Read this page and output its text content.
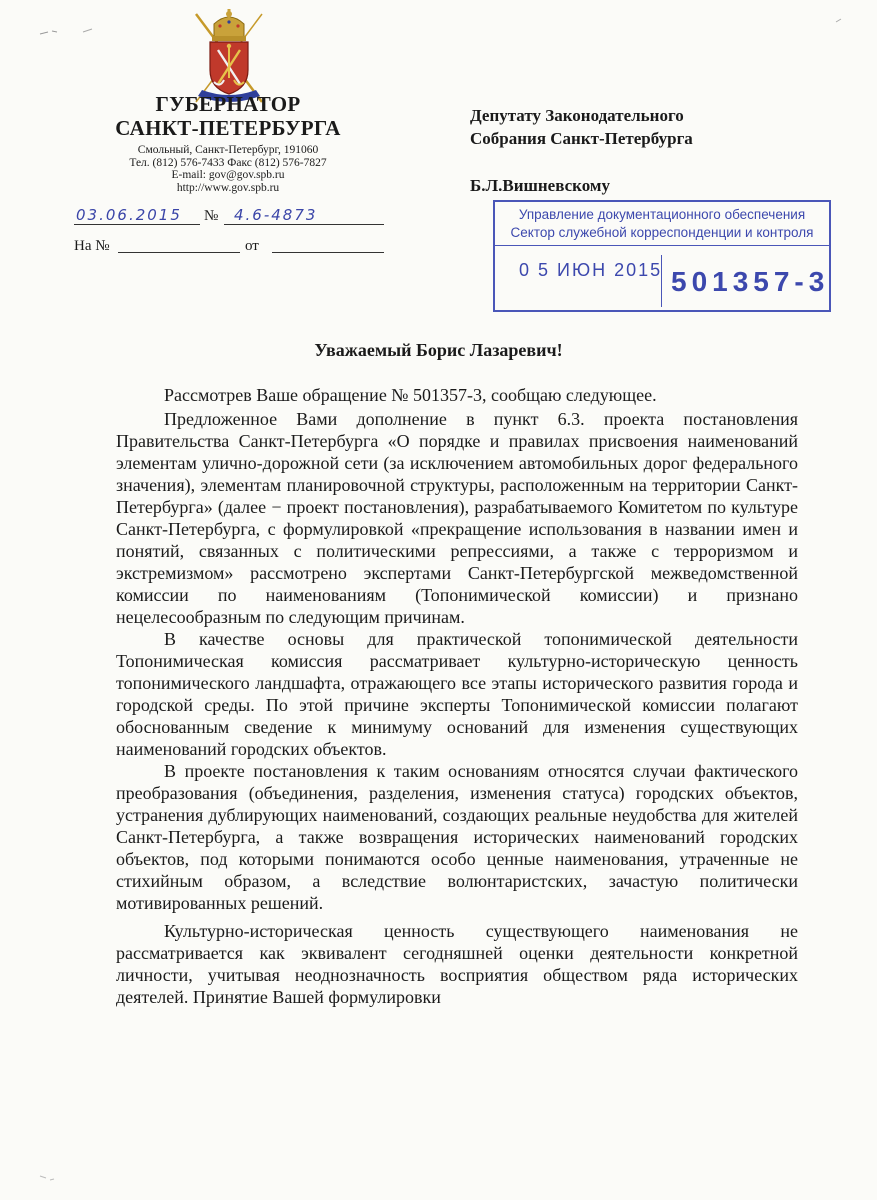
ГУБЕРНАТОР
САНКТ-ПЕТЕРБУРГА
Смольный, Санкт-Петербург, 191060
Тел. (812) 576-7433 Факс (812) 576-7827
E-mail: gov@gov.spb.ru
http://www.gov.spb.ru
03.06.2015 № 4.6-4873
На №	от
Депутату Законодательного
Собрания Санкт-Петербурга
Б.Л.Вишневскому
Управление документационного обеспечения
Сектор служебной корреспонденции и контроля
0 5 ИЮН 2015 501357-3
Уважаемый Борис Лазаревич!

Рассмотрев Ваше обращение № 501357-3, сообщаю следующее.

Предложенное Вами дополнение в пункт 6.3. проекта постановления Правительства Санкт-Петербурга «О порядке и правилах присвоения наименований элементам улично-дорожной сети (за исключением автомобильных дорог федерального значения), элементам планировочной структуры, расположенным на территории Санкт-Петербурга» (далее − проект постановления), разрабатываемого Комитетом по культуре Санкт-Петербурга, с формулировкой «прекращение использования в названии имен и понятий, связанных с политическими репрессиями, а также с терроризмом и экстремизмом» рассмотрено экспертами Санкт-Петербургской межведомственной комиссии по наименованиям (Топонимической комиссии) и признано нецелесообразным по следующим причинам.

В качестве основы для практической топонимической деятельности Топонимическая комиссия рассматривает культурно-историческую ценность топонимического ландшафта, отражающего все этапы исторического развития города и городской среды. По этой причине эксперты Топонимической комиссии полагают обоснованным сведение к минимуму оснований для изменения существующих наименований городских объектов.

В проекте постановления к таким основаниям относятся случаи фактического преобразования (объединения, разделения, изменения статуса) городских объектов, устранения дублирующих наименований, создающих реальные неудобства для жителей Санкт-Петербурга, а также возвращения исторических наименований городских объектов, под которыми понимаются особо ценные наименования, утраченные не стихийным образом, а вследствие волюнтаристских, зачастую политически мотивированных решений.

Культурно-историческая ценность существующего наименования не рассматривается как эквивалент сегодняшней оценки деятельности конкретной личности, учитывая неоднозначность восприятия обществом ряда исторических деятелей. Принятие Вашей формулировки
